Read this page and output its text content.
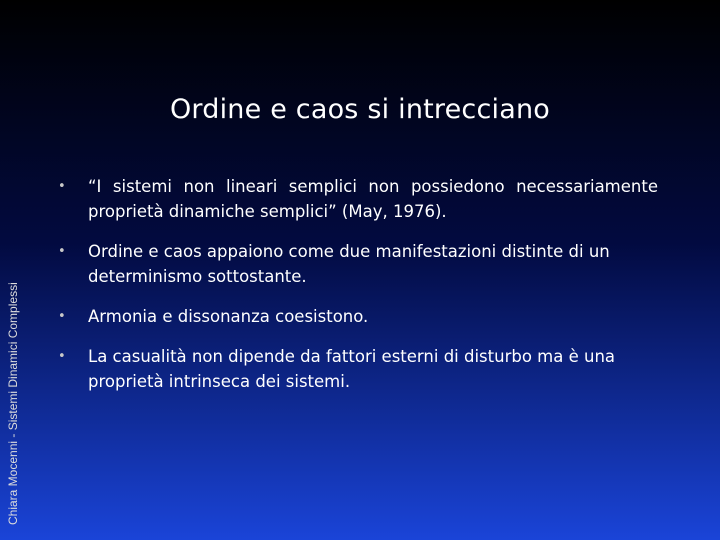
Chiara Mocenni - Sistemi Dinamici Complessi
Ordine e caos si intrecciano
• “I sistemi non lineari semplici non possiedono necessariamente proprietà dinamiche semplici” (May, 1976).
• Ordine e caos appaiono come due manifestazioni distinte di un determinismo sottostante.
• Armonia e dissonanza coesistono.
• La casualità non dipende da fattori esterni di disturbo ma è una proprietà intrinseca dei sistemi.
